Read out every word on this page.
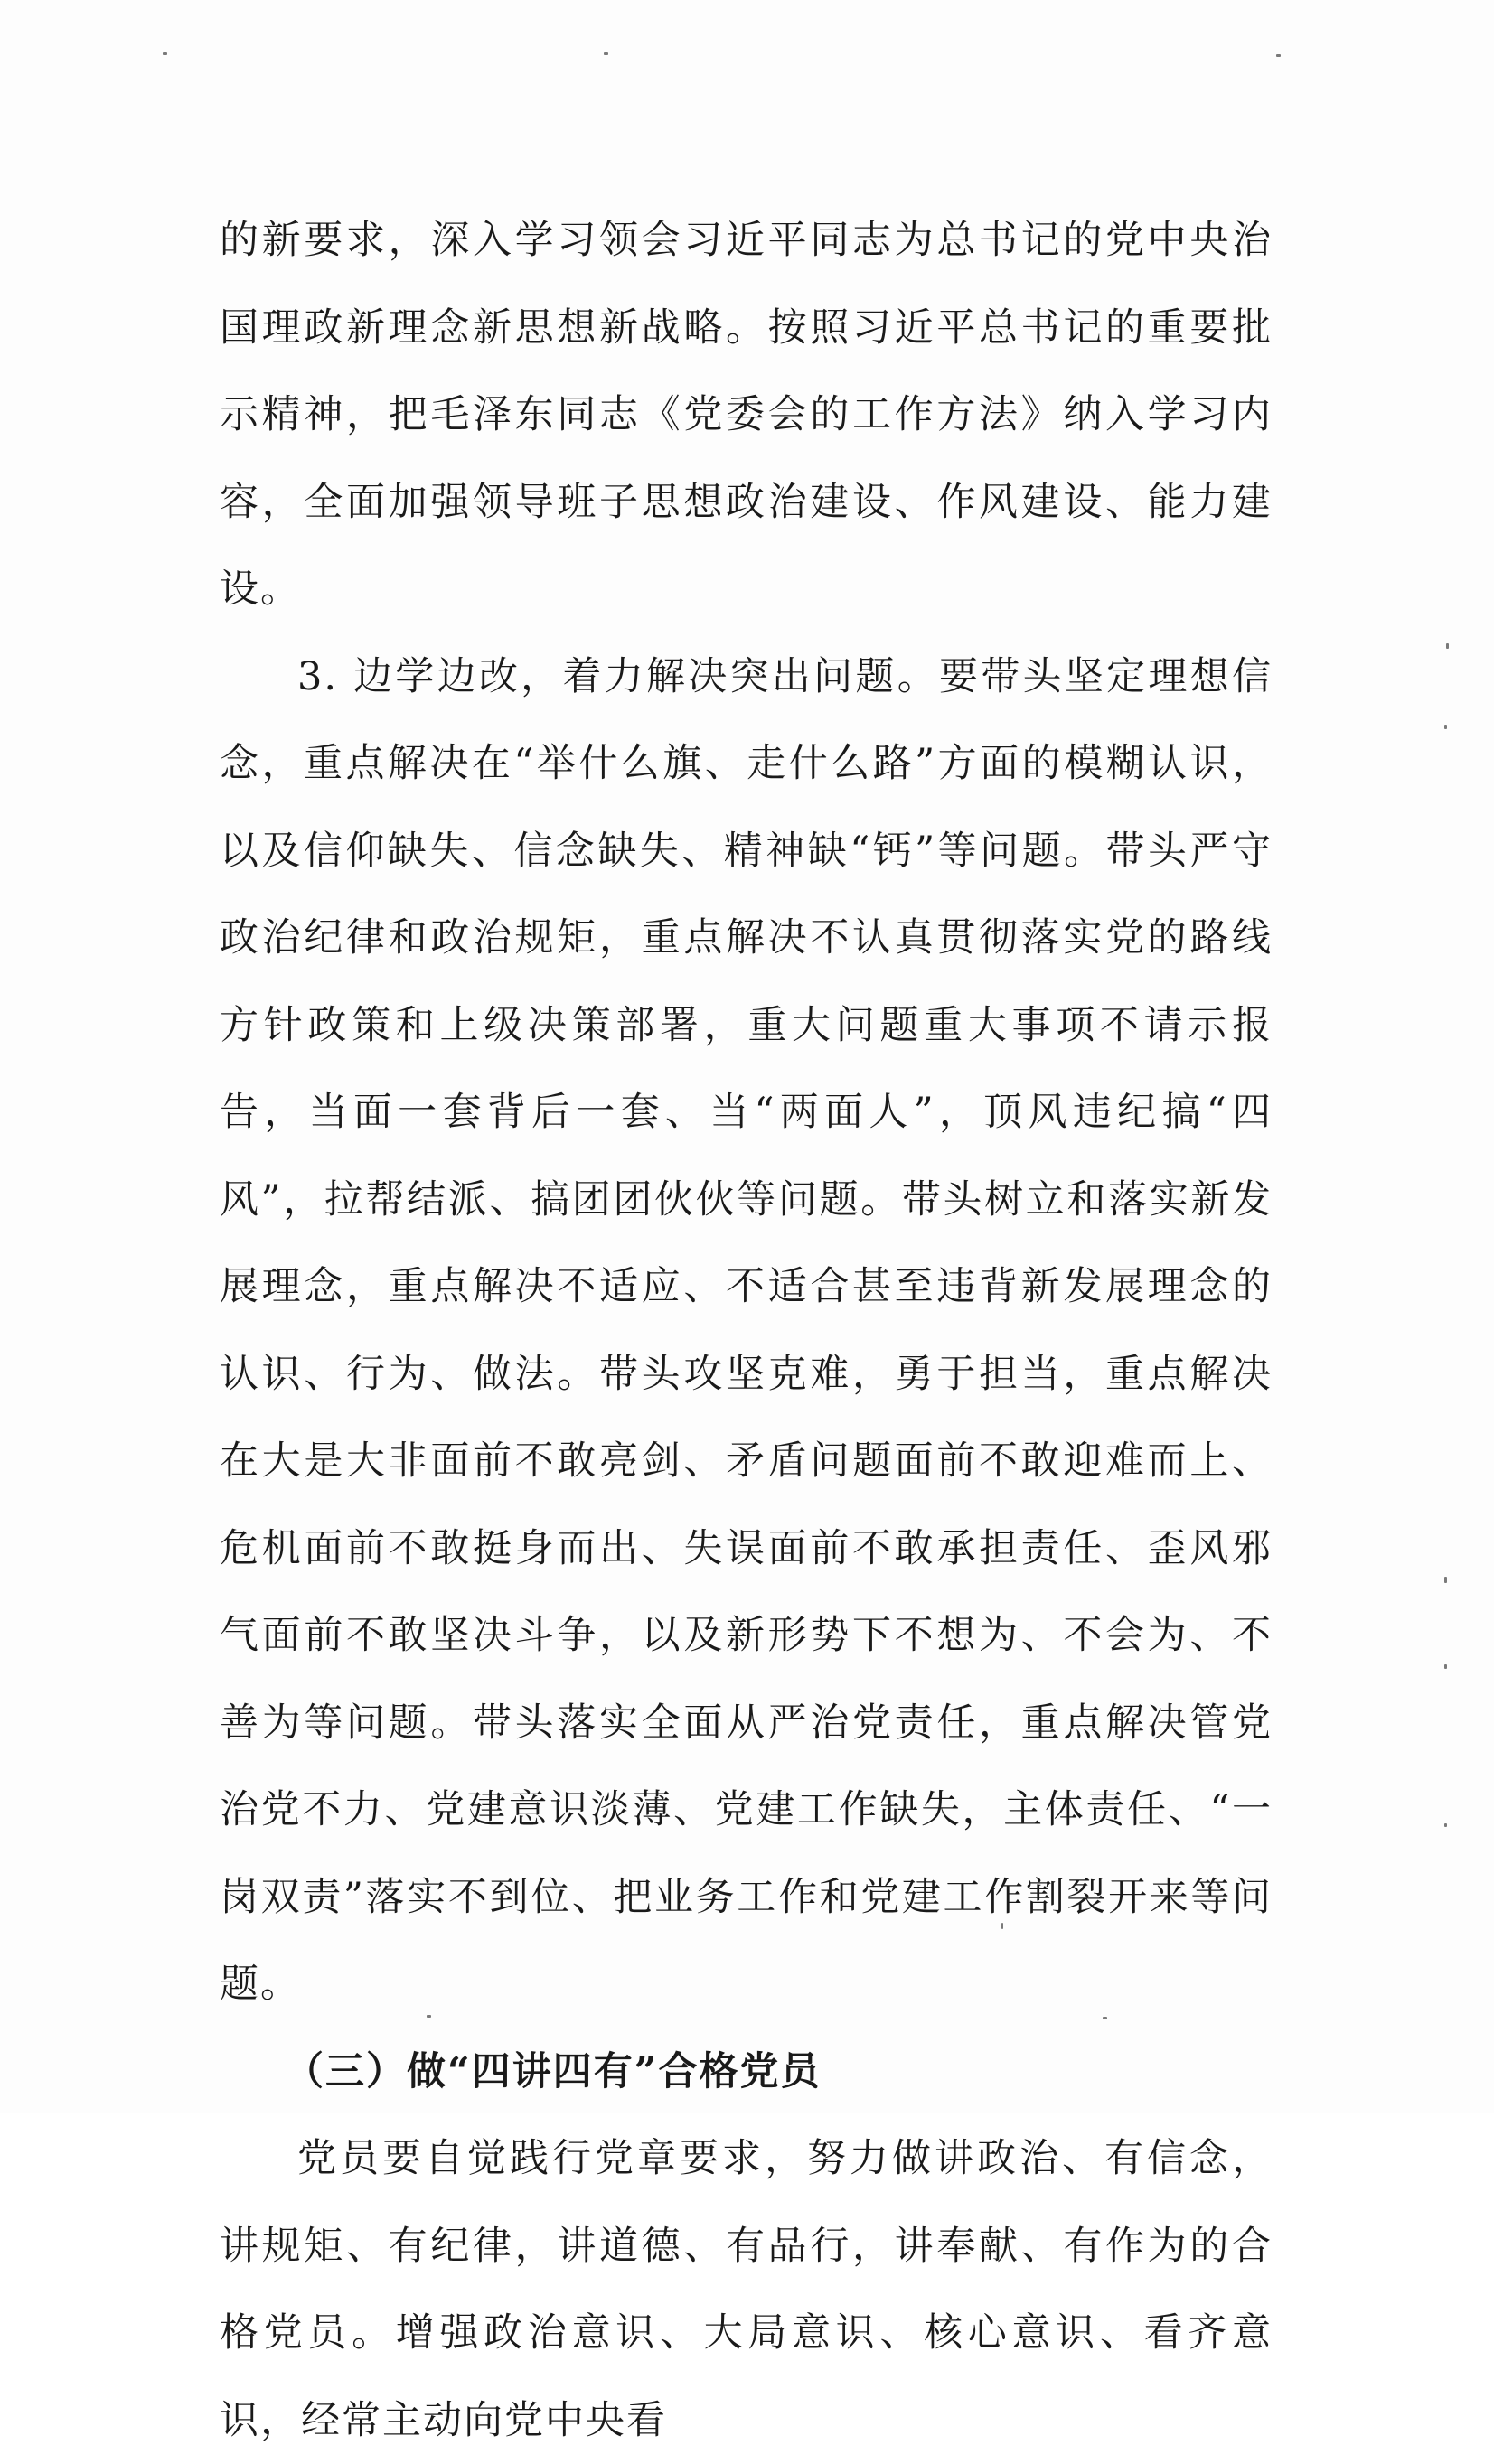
的新要求，深入学习领会习近平同志为总书记的党中央治国理政新理念新思想新战略。按照习近平总书记的重要批示精神，把毛泽东同志《党委会的工作方法》纳入学习内容，全面加强领导班子思想政治建设、作风建设、能力建设。

3. 边学边改，着力解决突出问题。要带头坚定理想信念，重点解决在“举什么旗、走什么路”方面的模糊认识，以及信仰缺失、信念缺失、精神缺“钙”等问题。带头严守政治纪律和政治规矩，重点解决不认真贯彻落实党的路线方针政策和上级决策部署，重大问题重大事项不请示报告，当面一套背后一套、当“两面人”，顶风违纪搞“四风”，拉帮结派、搞团团伙伙等问题。带头树立和落实新发展理念，重点解决不适应、不适合甚至违背新发展理念的认识、行为、做法。带头攻坚克难，勇于担当，重点解决在大是大非面前不敢亮剑、矛盾问题面前不敢迎难而上、危机面前不敢挺身而出、失误面前不敢承担责任、歪风邪气面前不敢坚决斗争，以及新形势下不想为、不会为、不善为等问题。带头落实全面从严治党责任，重点解决管党治党不力、党建意识淡薄、党建工作缺失，主体责任、“一岗双责”落实不到位、把业务工作和党建工作割裂开来等问题。

（三）做“四讲四有”合格党员

党员要自觉践行党章要求，努力做讲政治、有信念，讲规矩、有纪律，讲道德、有品行，讲奉献、有作为的合格党员。增强政治意识、大局意识、核心意识、看齐意识，经常主动向党中央看
